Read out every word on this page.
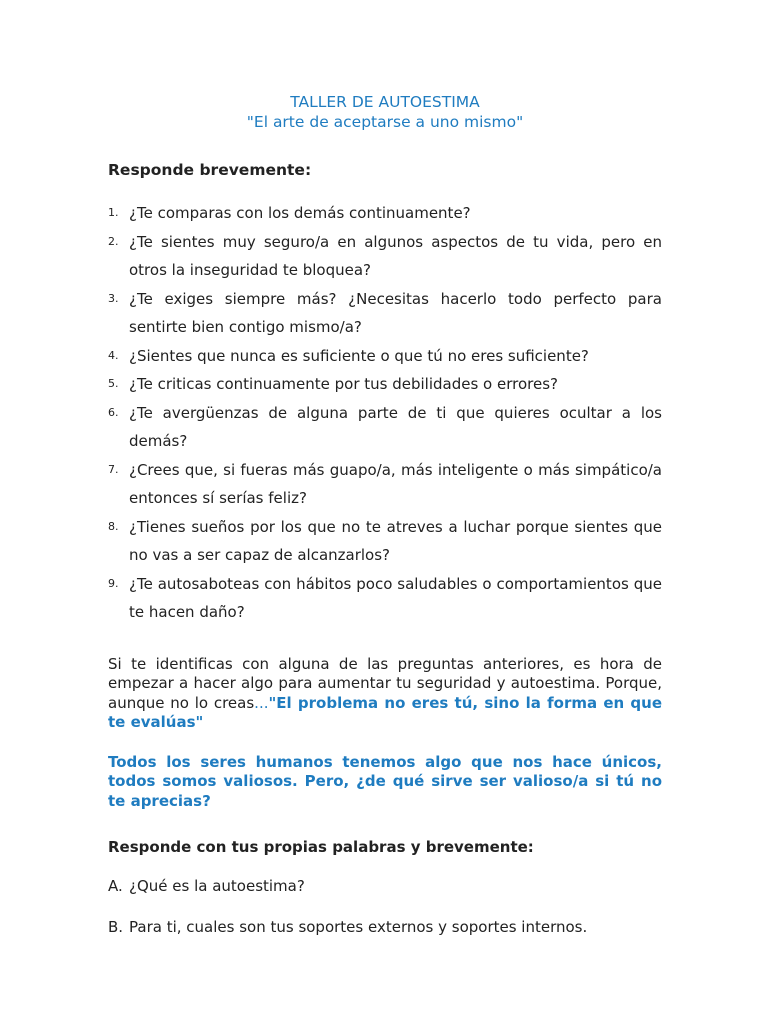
TALLER DE AUTOESTIMA
"El arte de aceptarse a uno mismo"
Responde brevemente:
1. ¿Te comparas con los demás continuamente?
2. ¿Te sientes muy seguro/a en algunos aspectos de tu vida, pero en otros la inseguridad te bloquea?
3. ¿Te exiges siempre más? ¿Necesitas hacerlo todo perfecto para sentirte bien contigo mismo/a?
4. ¿Sientes que nunca es suficiente o que tú no eres suficiente?
5. ¿Te criticas continuamente por tus debilidades o errores?
6. ¿Te avergüenzas de alguna parte de ti que quieres ocultar a los demás?
7. ¿Crees que, si fueras más guapo/a, más inteligente o más simpático/a entonces sí serías feliz?
8. ¿Tienes sueños por los que no te atreves a luchar porque sientes que no vas a ser capaz de alcanzarlos?
9. ¿Te autosaboteas con hábitos poco saludables o comportamientos que te hacen daño?
Si te identificas con alguna de las preguntas anteriores, es hora de empezar a hacer algo para aumentar tu seguridad y autoestima. Porque, aunque no lo creas..."El problema no eres tú, sino la forma en que te evalúas"
Todos los seres humanos tenemos algo que nos hace únicos, todos somos valiosos. Pero, ¿de qué sirve ser valioso/a si tú no te aprecias?
Responde con tus propias palabras y brevemente:
A. ¿Qué es la autoestima?
B. Para ti, cuales son tus soportes externos y soportes internos.
